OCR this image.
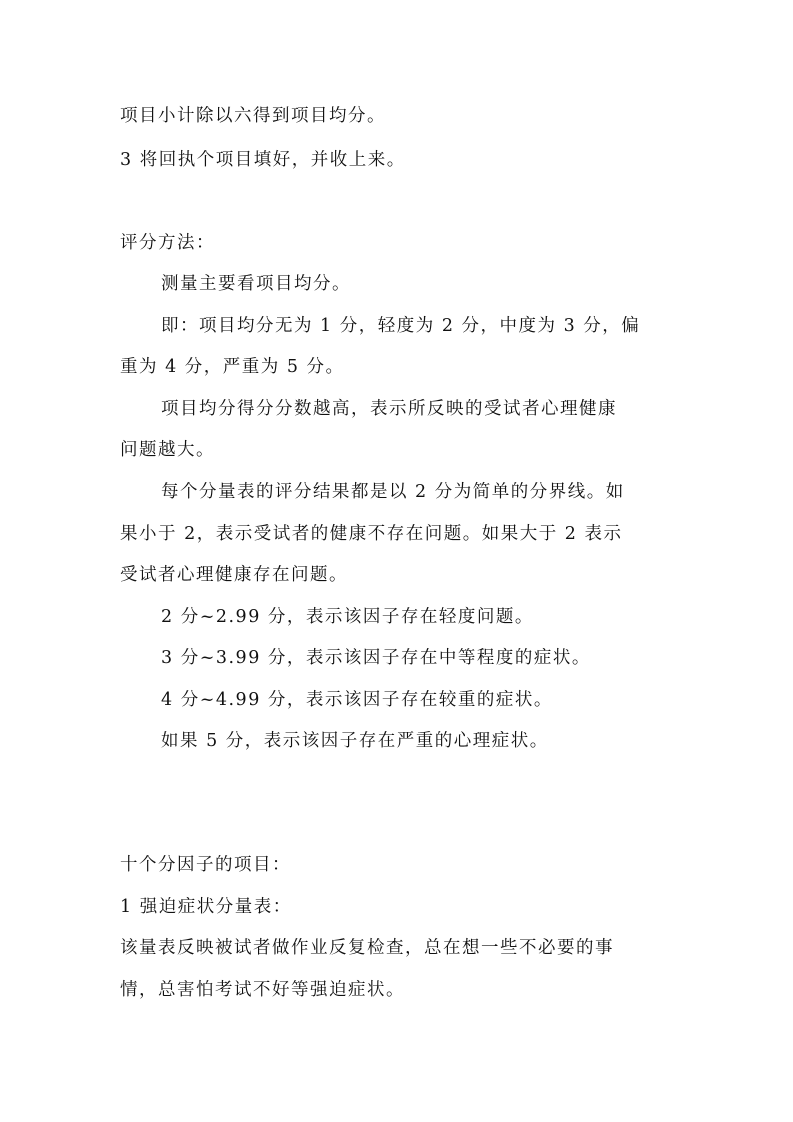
项目小计除以六得到项目均分。
3 将回执个项目填好，并收上来。
评分方法：
测量主要看项目均分。
即：项目均分无为 1 分，轻度为 2 分，中度为 3 分，偏
重为 4 分，严重为 5 分。
项目均分得分分数越高，表示所反映的受试者心理健康
问题越大。
每个分量表的评分结果都是以 2 分为简单的分界线。如
果小于 2，表示受试者的健康不存在问题。如果大于 2 表示
受试者心理健康存在问题。
2 分~2.99 分，表示该因子存在轻度问题。
3 分~3.99 分，表示该因子存在中等程度的症状。
4 分~4.99 分，表示该因子存在较重的症状。
如果 5 分，表示该因子存在严重的心理症状。
十个分因子的项目：
1 强迫症状分量表：
该量表反映被试者做作业反复检查，总在想一些不必要的事
情，总害怕考试不好等强迫症状。
